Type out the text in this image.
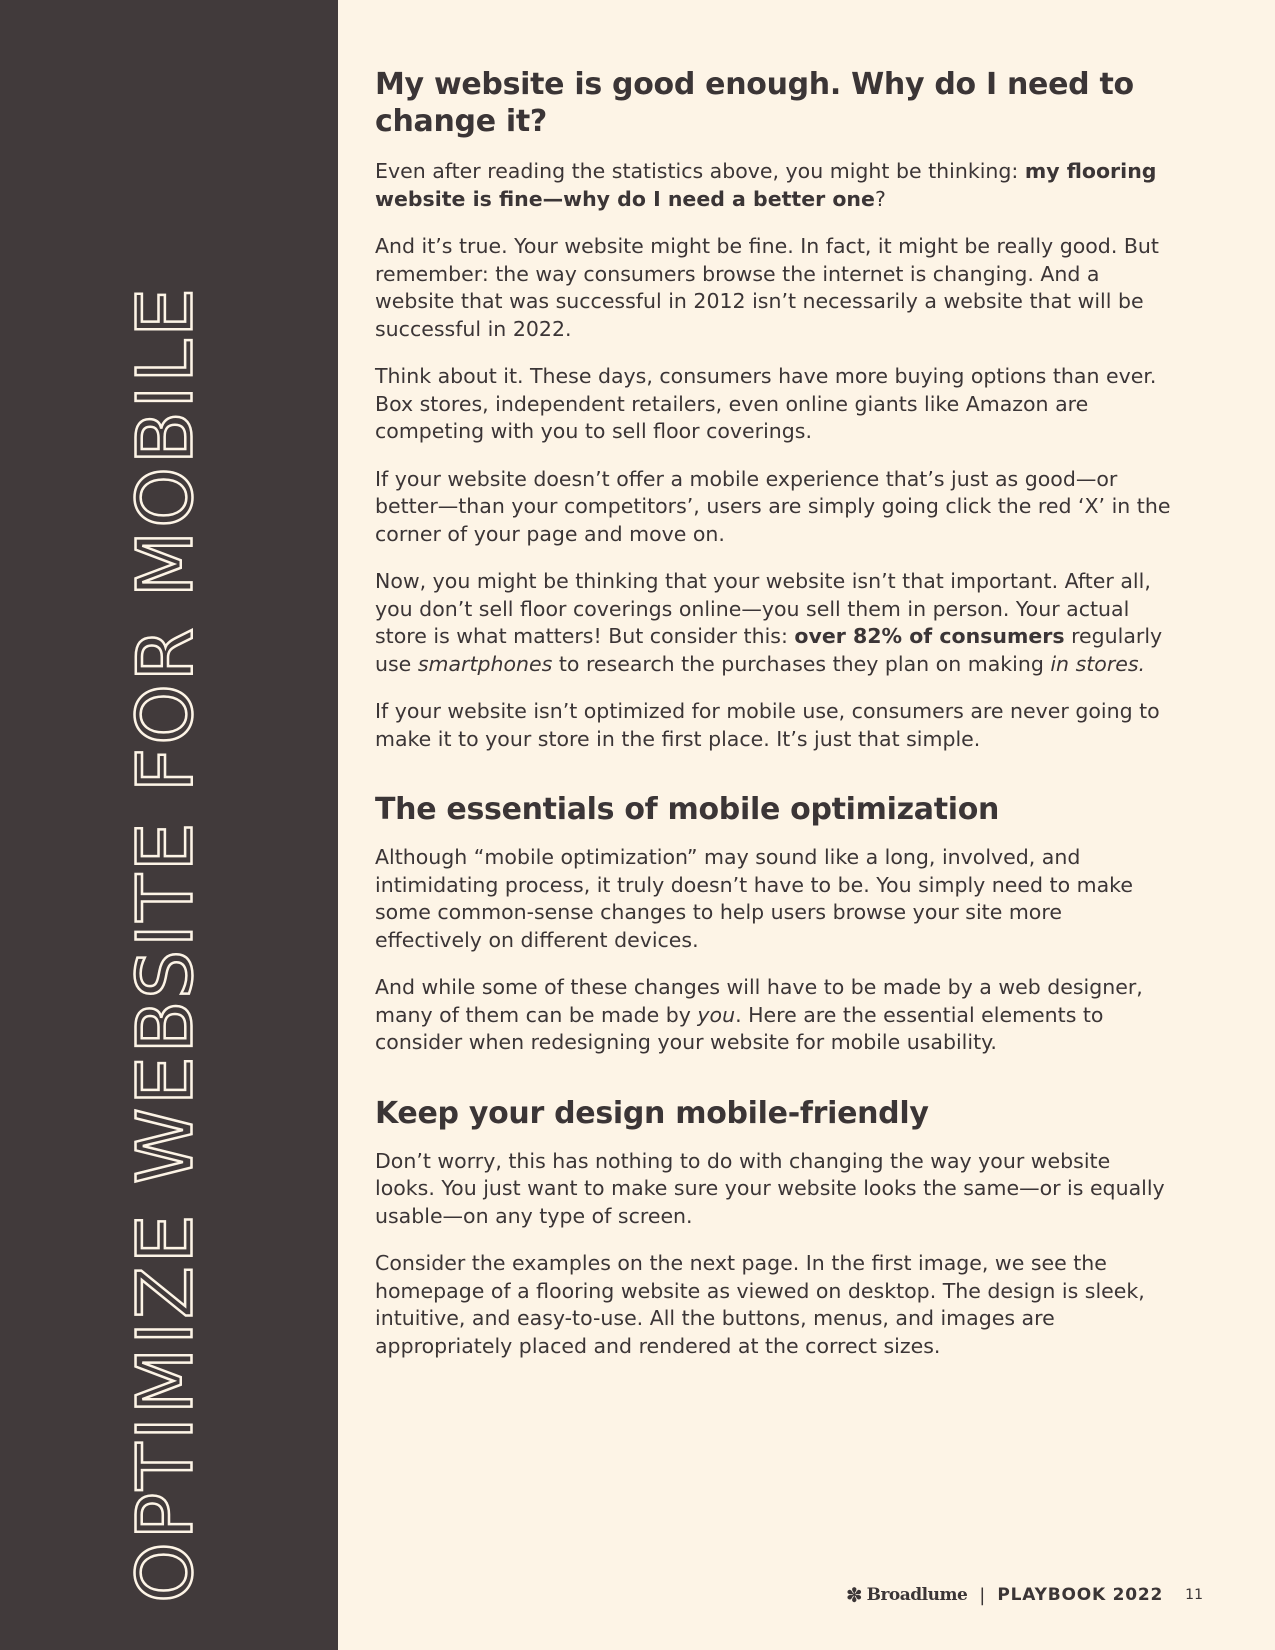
OPTIMIZE WEBSITE FOR MOBILE
My website is good enough. Why do I need to change it?

Even after reading the statistics above, you might be thinking: my flooring website is fine—why do I need a better one?

And it’s true. Your website might be fine. In fact, it might be really good. But remember: the way consumers browse the internet is changing. And a website that was successful in 2012 isn’t necessarily a website that will be successful in 2022.

Think about it. These days, consumers have more buying options than ever. Box stores, independent retailers, even online giants like Amazon are competing with you to sell floor coverings.

If your website doesn’t offer a mobile experience that’s just as good—or better—than your competitors’, users are simply going click the red ‘X’ in the corner of your page and move on.

Now, you might be thinking that your website isn’t that important. After all, you don’t sell floor coverings online—you sell them in person. Your actual store is what matters! But consider this: over 82% of consumers regularly use smartphones to research the purchases they plan on making in stores.

If your website isn’t optimized for mobile use, consumers are never going to make it to your store in the first place. It’s just that simple.

The essentials of mobile optimization

Although “mobile optimization” may sound like a long, involved, and intimidating process, it truly doesn’t have to be. You simply need to make some common-sense changes to help users browse your site more effectively on different devices.

And while some of these changes will have to be made by a web designer, many of them can be made by you. Here are the essential elements to consider when redesigning your website for mobile usability.

Keep your design mobile-friendly

Don’t worry, this has nothing to do with changing the way your website looks. You just want to make sure your website looks the same—or is equally usable—on any type of screen.

Consider the examples on the next page. In the first image, we see the homepage of a flooring website as viewed on desktop. The design is sleek, intuitive, and easy-to-use. All the buttons, menus, and images are appropriately placed and rendered at the correct sizes.

✽ Broadlume | PLAYBOOK 2022 11
